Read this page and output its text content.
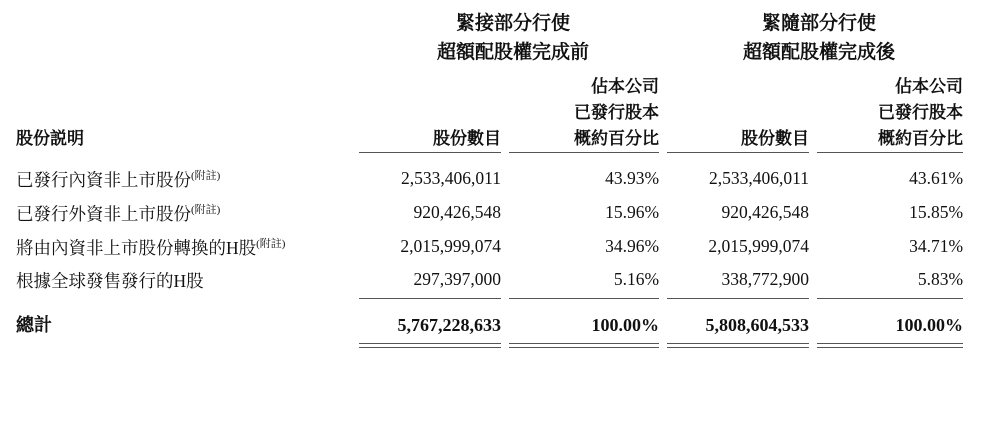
	緊接部分行使		緊隨部分行使	
	超額配股權完成前		超額配股權完成後	
		佔本公司		佔本公司
		已發行股本		已發行股本
股份説明	股份數目	概約百分比	股份數目	概約百分比

已發行內資非上市股份$^{(附註)}$	2,533,406,011	43.93%	2,533,406,011	43.61%
已發行外資非上市股份$^{(附註)}$	920,426,548	15.96%	920,426,548	15.85%
將由內資非上市股份轉換的H股$^{(附註)}$	2,015,999,074	34.96%	2,015,999,074	34.71%
根據全球發售發行的H股	297,397,000	5.16%	338,772,900	5.83%

總計	5,767,228,633	100.00%	5,808,604,533	100.00%
